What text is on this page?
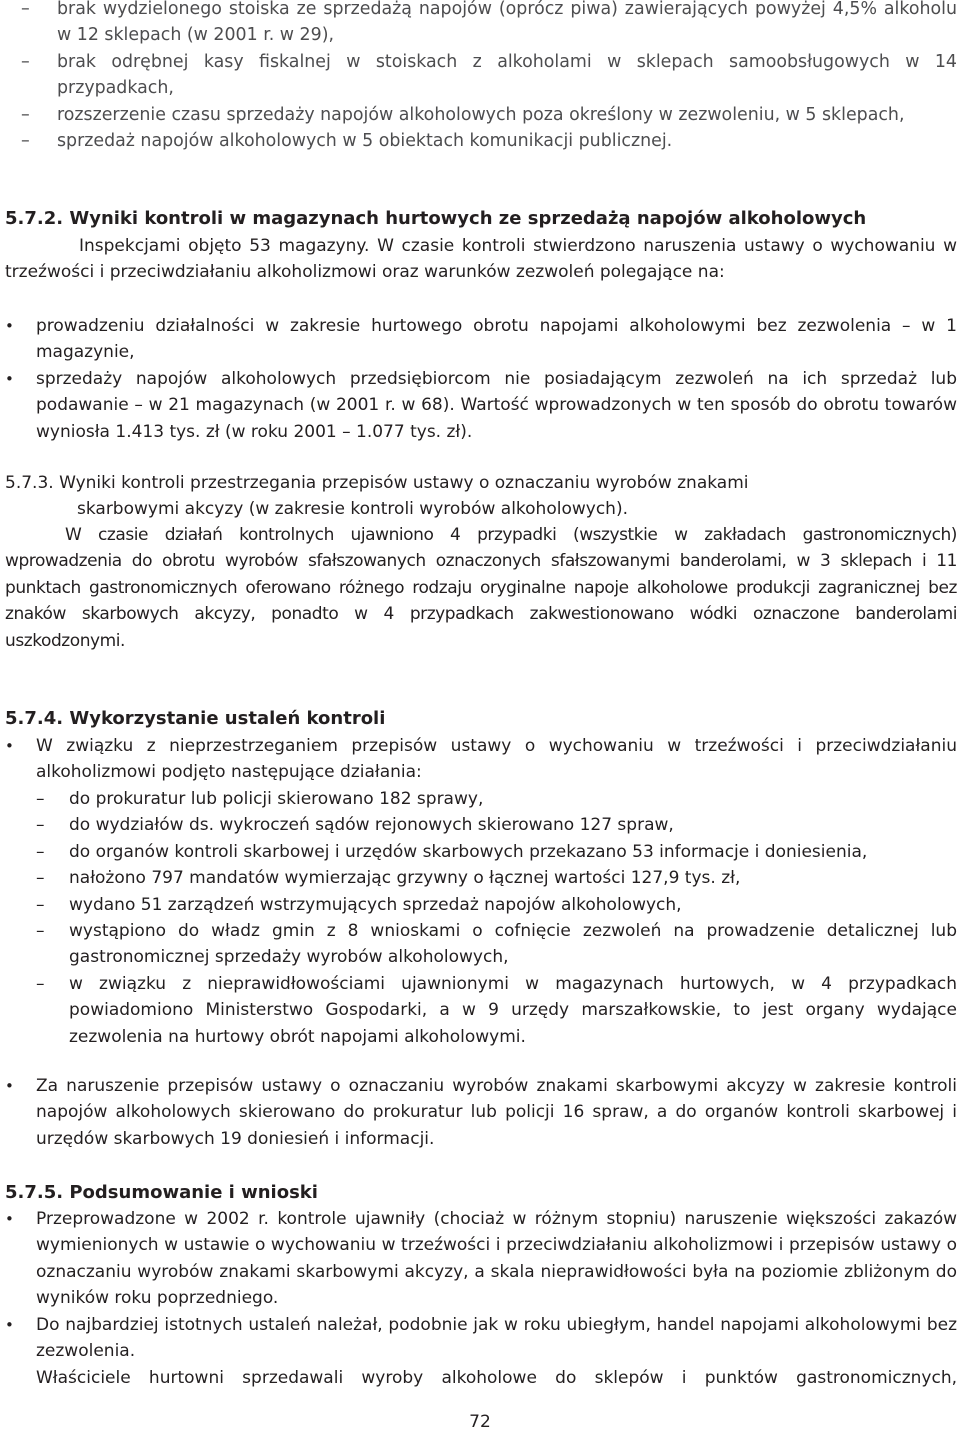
– brak wydzielonego stoiska ze sprzedażą napojów (oprócz piwa) zawierających powyżej 4,5% alkoholu w 12 sklepach (w 2001 r. w 29),
– brak odrębnej kasy fiskalnej w stoiskach z alkoholami w sklepach samoobsługowych w 14 przypadkach,
– rozszerzenie czasu sprzedaży napojów alkoholowych poza określony w zezwoleniu, w 5 sklepach,
– sprzedaż napojów alkoholowych w 5 obiektach komunikacji publicznej.
5.7.2. Wyniki kontroli w magazynach hurtowych ze sprzedażą napojów alkoholowych

Inspekcjami objęto 53 magazyny. W czasie kontroli stwierdzono naruszenia ustawy o wychowaniu w trzeźwości i przeciwdziałaniu alkoholizmowi oraz warunków zezwoleń polegające na:

• prowadzeniu działalności w zakresie hurtowego obrotu napojami alkoholowymi bez zezwolenia – w 1 magazynie,
• sprzedaży napojów alkoholowych przedsiębiorcom nie posiadającym zezwoleń na ich sprzedaż lub podawanie – w 21 magazynach (w 2001 r. w 68). Wartość wprowadzonych w ten sposób do obrotu towarów wyniosła 1.413 tys. zł (w roku 2001 – 1.077 tys. zł).

5.7.3. Wyniki kontroli przestrzegania przepisów ustawy o oznaczaniu wyrobów znakami

skarbowymi akcyzy (w zakresie kontroli wyrobów alkoholowych).

W czasie działań kontrolnych ujawniono 4 przypadki (wszystkie w zakładach gastronomicznych) wprowadzenia do obrotu wyrobów sfałszowanych oznaczonych sfałszowanymi banderolami, w 3 sklepach i 11 punktach gastronomicznych oferowano różnego rodzaju oryginalne napoje alkoholowe produkcji zagranicznej bez znaków skarbowych akcyzy, ponadto w 4 przypadkach zakwestionowano wódki oznaczone banderolami uszkodzonymi.

5.7.4. Wykorzystanie ustaleń kontroli
• W związku z nieprzestrzeganiem przepisów ustawy o wychowaniu w trzeźwości i przeciwdziałaniu alkoholizmowi podjęto następujące działania:
– do prokuratur lub policji skierowano 182 sprawy,
– do wydziałów ds. wykroczeń sądów rejonowych skierowano 127 spraw,
– do organów kontroli skarbowej i urzędów skarbowych przekazano 53 informacje i doniesienia,
– nałożono 797 mandatów wymierzając grzywny o łącznej wartości 127,9 tys. zł,
– wydano 51 zarządzeń wstrzymujących sprzedaż napojów alkoholowych,
– wystąpiono do władz gmin z 8 wnioskami o cofnięcie zezwoleń na prowadzenie detalicznej lub gastronomicznej sprzedaży wyrobów alkoholowych,
– w związku z nieprawidłowościami ujawnionymi w magazynach hurtowych, w 4 przypadkach powiadomiono Ministerstwo Gospodarki, a w 9 urzędy marszałkowskie, to jest organy wydające zezwolenia na hurtowy obrót napojami alkoholowymi.
• Za naruszenie przepisów ustawy o oznaczaniu wyrobów znakami skarbowymi akcyzy w zakresie kontroli napojów alkoholowych skierowano do prokuratur lub policji 16 spraw, a do organów kontroli skarbowej i urzędów skarbowych 19 doniesień i informacji.
5.7.5. Podsumowanie i wnioski
• Przeprowadzone w 2002 r. kontrole ujawniły (chociaż w różnym stopniu) naruszenie większości zakazów wymienionych w ustawie o wychowaniu w trzeźwości i przeciwdziałaniu alkoholizmowi i przepisów ustawy o oznaczaniu wyrobów znakami skarbowymi akcyzy, a skala nieprawidłowości była na poziomie zbliżonym do wyników roku poprzedniego.
• Do najbardziej istotnych ustaleń należał, podobnie jak w roku ubiegłym, handel napojami alkoholowymi bez zezwolenia.

Właściciele hurtowni sprzedawali wyroby alkoholowe do sklepów i punktów gastronomicznych,

72
